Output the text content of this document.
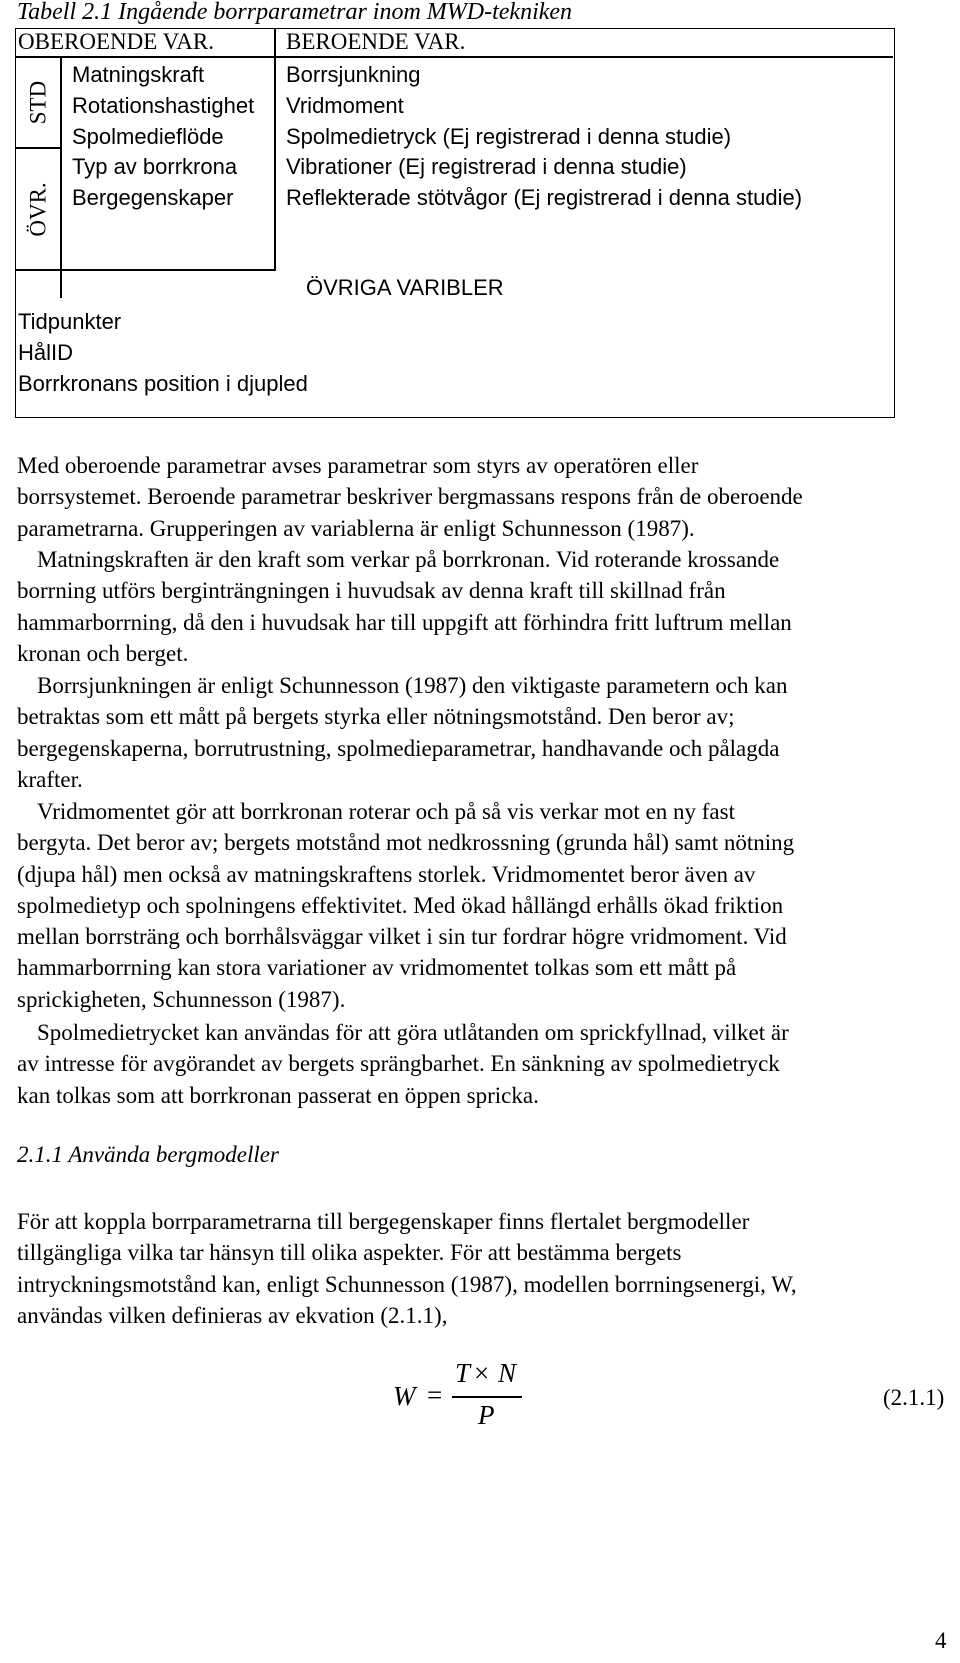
Tabell 2.1 Ingående borrparametrar inom MWD-tekniken
OBEROENDE VAR.	BEROENDE VAR.
STD
ÖVR.
Matningskraft
Rotationshastighet
Spolmedieflöde
Borrsjunkning
Vridmoment
Spolmedietryck (Ej registrerad i denna studie)
Typ av borrkrona
Bergegenskaper
Vibrationer (Ej registrerad i denna studie)
Reflekterade stötvågor (Ej registrerad i denna studie)
ÖVRIGA VARIBLER
Tidpunkter
HålID
Borrkronans position i djupled
Med oberoende parametrar avses parametrar som styrs av operatören eller
borrsystemet. Beroende parametrar beskriver bergmassans respons från de oberoende
parametrarna. Grupperingen av variablerna är enligt Schunnesson (1987).
Matningskraften är den kraft som verkar på borrkronan. Vid roterande krossande
borrning utförs berginträngningen i huvudsak av denna kraft till skillnad från
hammarborrning, då den i huvudsak har till uppgift att förhindra fritt luftrum mellan
kronan och berget.
Borrsjunkningen är enligt Schunnesson (1987) den viktigaste parametern och kan
betraktas som ett mått på bergets styrka eller nötningsmotstånd. Den beror av;
bergegenskaperna, borrutrustning, spolmedieparametrar, handhavande och pålagda
krafter.
Vridmomentet gör att borrkronan roterar och på så vis verkar mot en ny fast
bergyta. Det beror av; bergets motstånd mot nedkrossning (grunda hål) samt nötning
(djupa hål) men också av matningskraftens storlek. Vridmomentet beror även av
spolmedietyp och spolningens effektivitet. Med ökad hållängd erhålls ökad friktion
mellan borrsträng och borrhålsväggar vilket i sin tur fordrar högre vridmoment. Vid
hammarborrning kan stora variationer av vridmomentet tolkas som ett mått på
sprickigheten, Schunnesson (1987).
Spolmedietrycket kan användas för att göra utlåtanden om sprickfyllnad, vilket är
av intresse för avgörandet av bergets sprängbarhet. En sänkning av spolmedietryck
kan tolkas som att borrkronan passerat en öppen spricka.
2.1.1 Använda bergmodeller
För att koppla borrparametrarna till bergegenskaper finns flertalet bergmodeller
tillgängliga vilka tar hänsyn till olika aspekter. För att bestämma bergets
intryckningsmotstånd kan, enligt Schunnesson (1987), modellen borrningsenergi, W,
användas vilken definieras av ekvation (2.1.1),
W =
T × N
P
(2.1.1)
4
